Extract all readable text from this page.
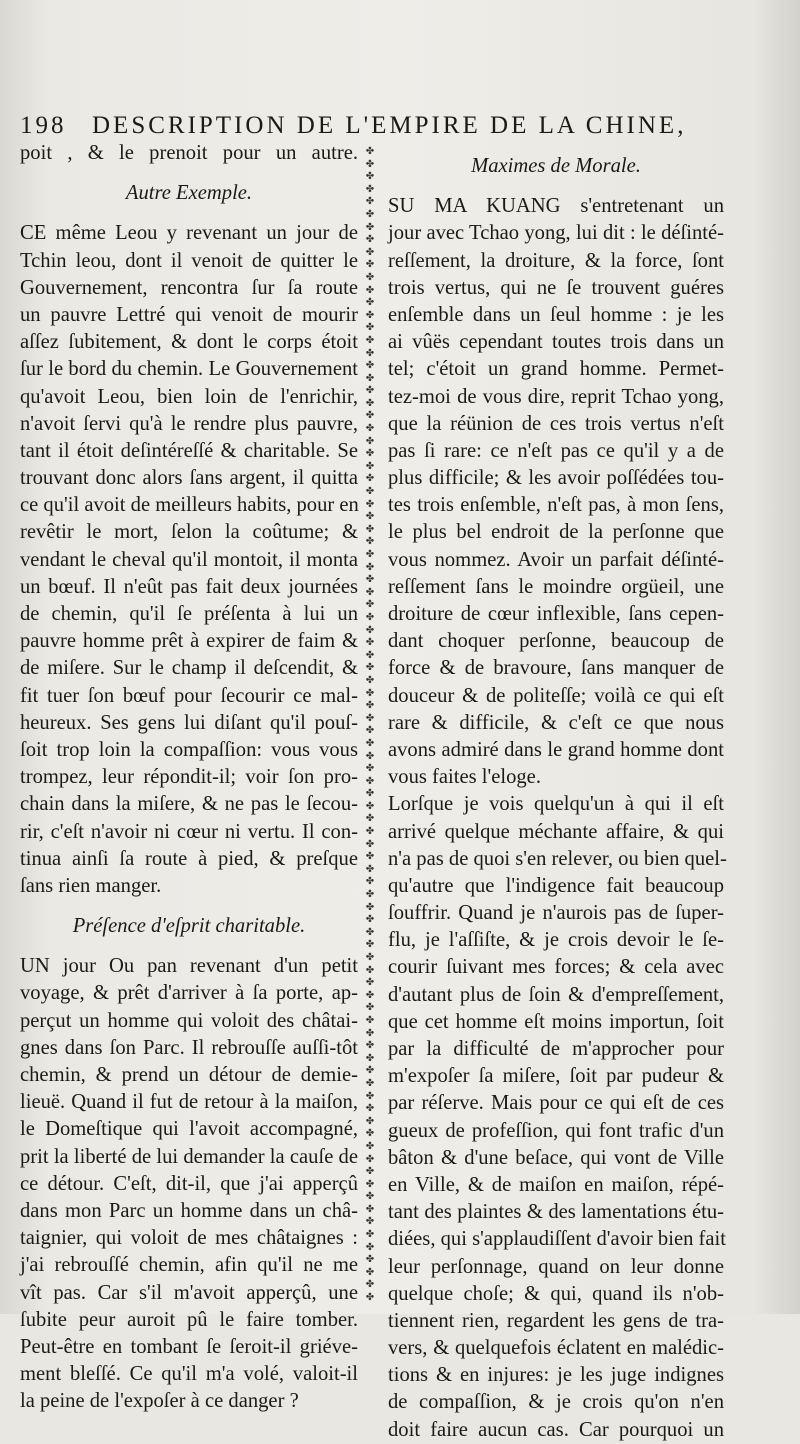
198 DESCRIPTION DE L'EMPIRE DE LA CHINE,
poit , & le prenoit pour un autre.
Autre Exemple.
CE même Leou y revenant un jour de
Tchin leou, dont il venoit de quitter le
Gouvernement, rencontra ſur ſa route
un pauvre Lettré qui venoit de mourir
aſſez ſubitement, & dont le corps étoit
ſur le bord du chemin. Le Gouvernement
qu'avoit Leou, bien loin de l'enrichir,
n'avoit ſervi qu'à le rendre plus pauvre,
tant il étoit deſintéreſſé & charitable. Se
trouvant donc alors ſans argent, il quitta
ce qu'il avoit de meilleurs habits, pour en
revêtir le mort, ſelon la coûtume; &
vendant le cheval qu'il montoit, il monta
un bœuf. Il n'eût pas fait deux journées
de chemin, qu'il ſe préſenta à lui un
pauvre homme prêt à expirer de faim &
de miſere. Sur le champ il deſcendit, &
fit tuer ſon bœuf pour ſecourir ce mal-
heureux. Ses gens lui diſant qu'il pouſ-
ſoit trop loin la compaſſion: vous vous
trompez, leur répondit-il; voir ſon pro-
chain dans la miſere, & ne pas le ſecou-
rir, c'eſt n'avoir ni cœur ni vertu. Il con-
tinua ainſi ſa route à pied, & preſque
ſans rien manger.
Préſence d'eſprit charitable.
UN jour Ou pan revenant d'un petit
voyage, & prêt d'arriver à ſa porte, ap-
perçut un homme qui voloit des châtai-
gnes dans ſon Parc. Il rebrouſſe auſſi-tôt
chemin, & prend un détour de demie-
lieuë. Quand il fut de retour à la maiſon,
le Domeſtique qui l'avoit accompagné,
prit la liberté de lui demander la cauſe de
ce détour. C'eſt, dit-il, que j'ai apperçû
dans mon Parc un homme dans un châ-
taignier, qui voloit de mes châtaignes :
j'ai rebrouſſé chemin, afin qu'il ne me
vît pas. Car s'il m'avoit apperçû, une
ſubite peur auroit pû le faire tomber.
Peut-être en tombant ſe ſeroit-il griéve-
ment bleſſé. Ce qu'il m'a volé, valoit-il
la peine de l'expoſer à ce danger ?
✤
✤
✤
✤
✤
✤
✤
✤
✤
✤
✤
✤
✤
✤
✤
✤
✤
✤
✤
✤
✤
✤
✤
✤
✤
✤
✤
✤
✤
✤
✤
✤
✤
✤
✤
✤
✤
✤
✤
✤
✤
✤
✤
✤
✤
✤
✤
✤
✤
✤
✤
✤
✤
✤
✤
✤
✤
✤
✤
✤
✤
✤
✤
✤
✤
✤
✤
✤
✤
✤
✤
✤
✤
✤
✤
✤
✤
✤
✤
✤
✤
✤
✤
✤
✤
✤
✤
✤
✤
✤
✤
✤
Maximes de Morale.
SU MA KUANG s'entretenant un
jour avec Tchao yong, lui dit : le déſinté-
reſſement, la droiture, & la force, ſont
trois vertus, qui ne ſe trouvent guéres
enſemble dans un ſeul homme : je les
ai vûës cependant toutes trois dans un
tel; c'étoit un grand homme. Permet-
tez-moi de vous dire, reprit Tchao yong,
que la réünion de ces trois vertus n'eſt
pas ſi rare: ce n'eſt pas ce qu'il y a de
plus difficile; & les avoir poſſédées tou-
tes trois enſemble, n'eſt pas, à mon ſens,
le plus bel endroit de la perſonne que
vous nommez. Avoir un parfait déſinté-
reſſement ſans le moindre orgüeil, une
droiture de cœur inflexible, ſans cepen-
dant choquer perſonne, beaucoup de
force & de bravoure, ſans manquer de
douceur & de politeſſe; voilà ce qui eſt
rare & difficile, & c'eſt ce que nous
avons admiré dans le grand homme dont
vous faites l'eloge.
Lorſque je vois quelqu'un à qui il eſt
arrivé quelque méchante affaire, & qui
n'a pas de quoi s'en relever, ou bien quel-
qu'autre que l'indigence fait beaucoup
ſouffrir. Quand je n'aurois pas de ſuper-
flu, je l'aſſiſte, & je crois devoir le ſe-
courir ſuivant mes forces; & cela avec
d'autant plus de ſoin & d'empreſſement,
que cet homme eſt moins importun, ſoit
par la difficulté de m'approcher pour
m'expoſer ſa miſere, ſoit par pudeur &
par réſerve. Mais pour ce qui eſt de ces
gueux de profeſſion, qui font trafic d'un
bâton & d'une beſace, qui vont de Ville
en Ville, & de maiſon en maiſon, répé-
tant des plaintes & des lamentations étu-
diées, qui s'applaudiſſent d'avoir bien fait
leur perſonnage, quand on leur donne
quelque choſe; & qui, quand ils n'ob-
tiennent rien, regardent les gens de tra-
vers, & quelquefois éclatent en malédic-
tions & en injures: je les juge indignes
de compaſſion, & je crois qu'on n'en
doit faire aucun cas. Car pourquoi un
